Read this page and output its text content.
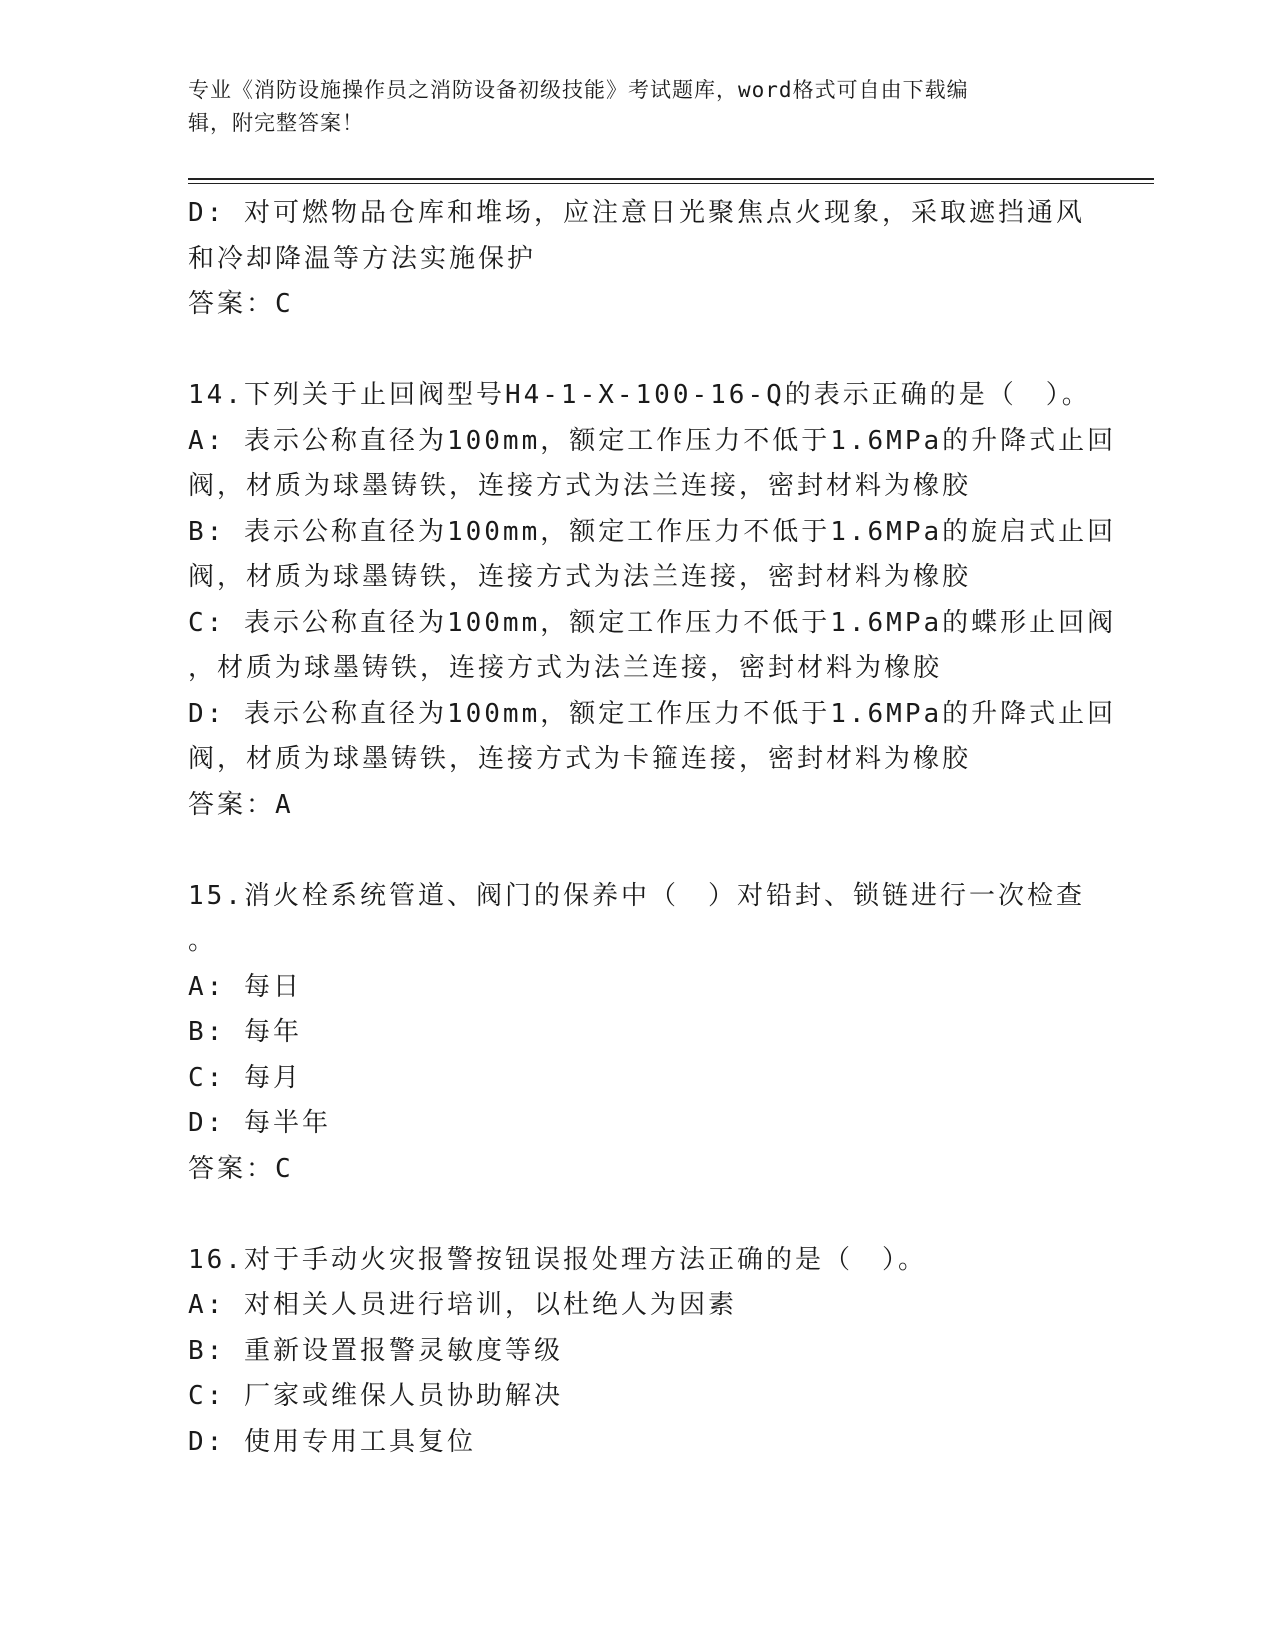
专业《消防设施操作员之消防设备初级技能》考试题库，word格式可自由下载编
辑，附完整答案！
D: 对可燃物品仓库和堆场，应注意日光聚焦点火现象，采取遮挡通风
和冷却降温等方法实施保护
答案：C
14.下列关于止回阀型号H4-1-X-100-16-Q的表示正确的是（　）。
A: 表示公称直径为100mm，额定工作压力不低于1.6MPa的升降式止回
阀，材质为球墨铸铁，连接方式为法兰连接，密封材料为橡胶
B: 表示公称直径为100mm，额定工作压力不低于1.6MPa的旋启式止回
阀，材质为球墨铸铁，连接方式为法兰连接，密封材料为橡胶
C: 表示公称直径为100mm，额定工作压力不低于1.6MPa的蝶形止回阀
，材质为球墨铸铁，连接方式为法兰连接，密封材料为橡胶
D: 表示公称直径为100mm，额定工作压力不低于1.6MPa的升降式止回
阀，材质为球墨铸铁，连接方式为卡箍连接，密封材料为橡胶
答案：A
15.消火栓系统管道、阀门的保养中（　）对铅封、锁链进行一次检查
。
A: 每日
B: 每年
C: 每月
D: 每半年
答案：C
16.对于手动火灾报警按钮误报处理方法正确的是（　）。
A: 对相关人员进行培训，以杜绝人为因素
B: 重新设置报警灵敏度等级
C: 厂家或维保人员协助解决
D: 使用专用工具复位
